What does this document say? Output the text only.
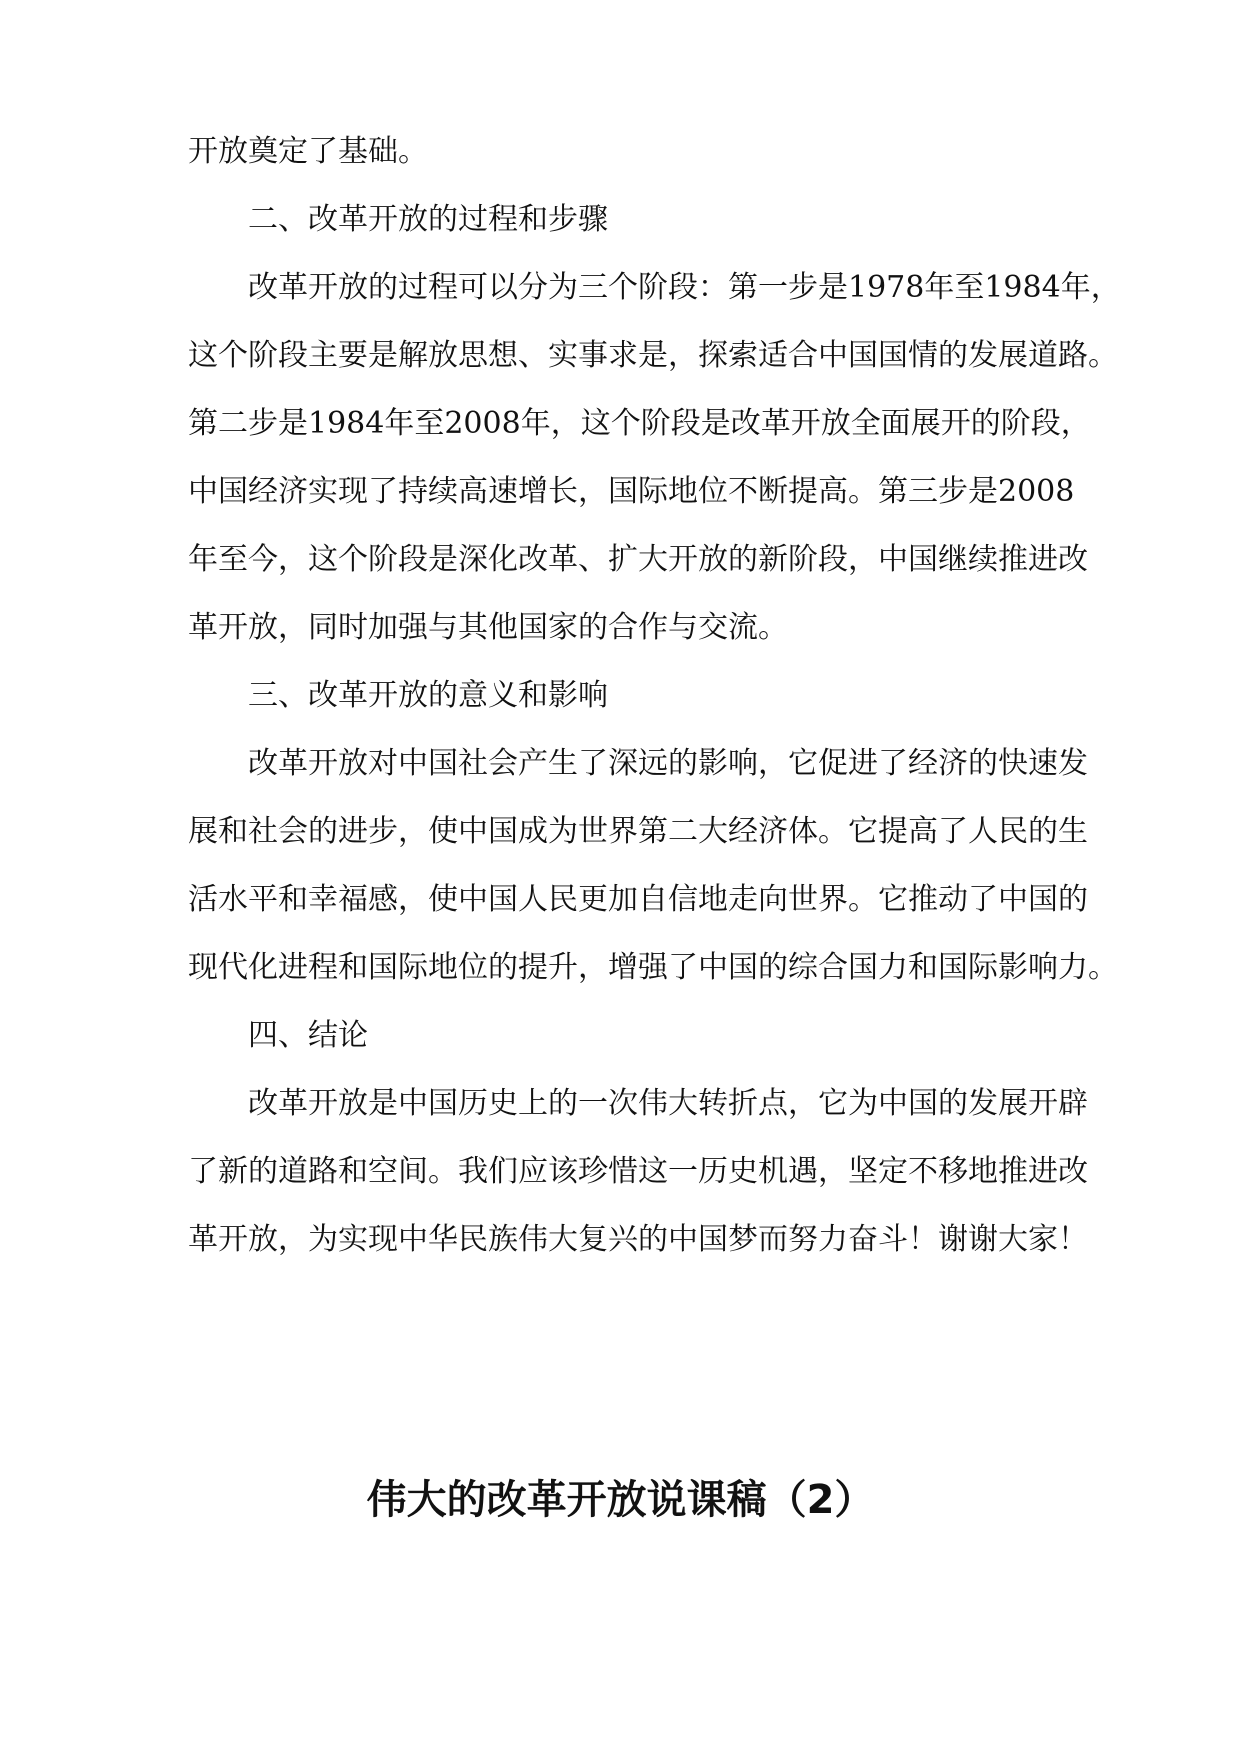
开放奠定了基础。
二、改革开放的过程和步骤
改革开放的过程可以分为三个阶段：第一步是1978年至1984年，
这个阶段主要是解放思想、实事求是，探索适合中国国情的发展道路。
第二步是1984年至2008年，这个阶段是改革开放全面展开的阶段，
中国经济实现了持续高速增长，国际地位不断提高。第三步是2008
年至今，这个阶段是深化改革、扩大开放的新阶段，中国继续推进改
革开放，同时加强与其他国家的合作与交流。
三、改革开放的意义和影响
改革开放对中国社会产生了深远的影响，它促进了经济的快速发
展和社会的进步，使中国成为世界第二大经济体。它提高了人民的生
活水平和幸福感，使中国人民更加自信地走向世界。它推动了中国的
现代化进程和国际地位的提升，增强了中国的综合国力和国际影响力。
四、结论
改革开放是中国历史上的一次伟大转折点，它为中国的发展开辟
了新的道路和空间。我们应该珍惜这一历史机遇，坚定不移地推进改
革开放，为实现中华民族伟大复兴的中国梦而努力奋斗！谢谢大家！
伟大的改革开放说课稿（2）
